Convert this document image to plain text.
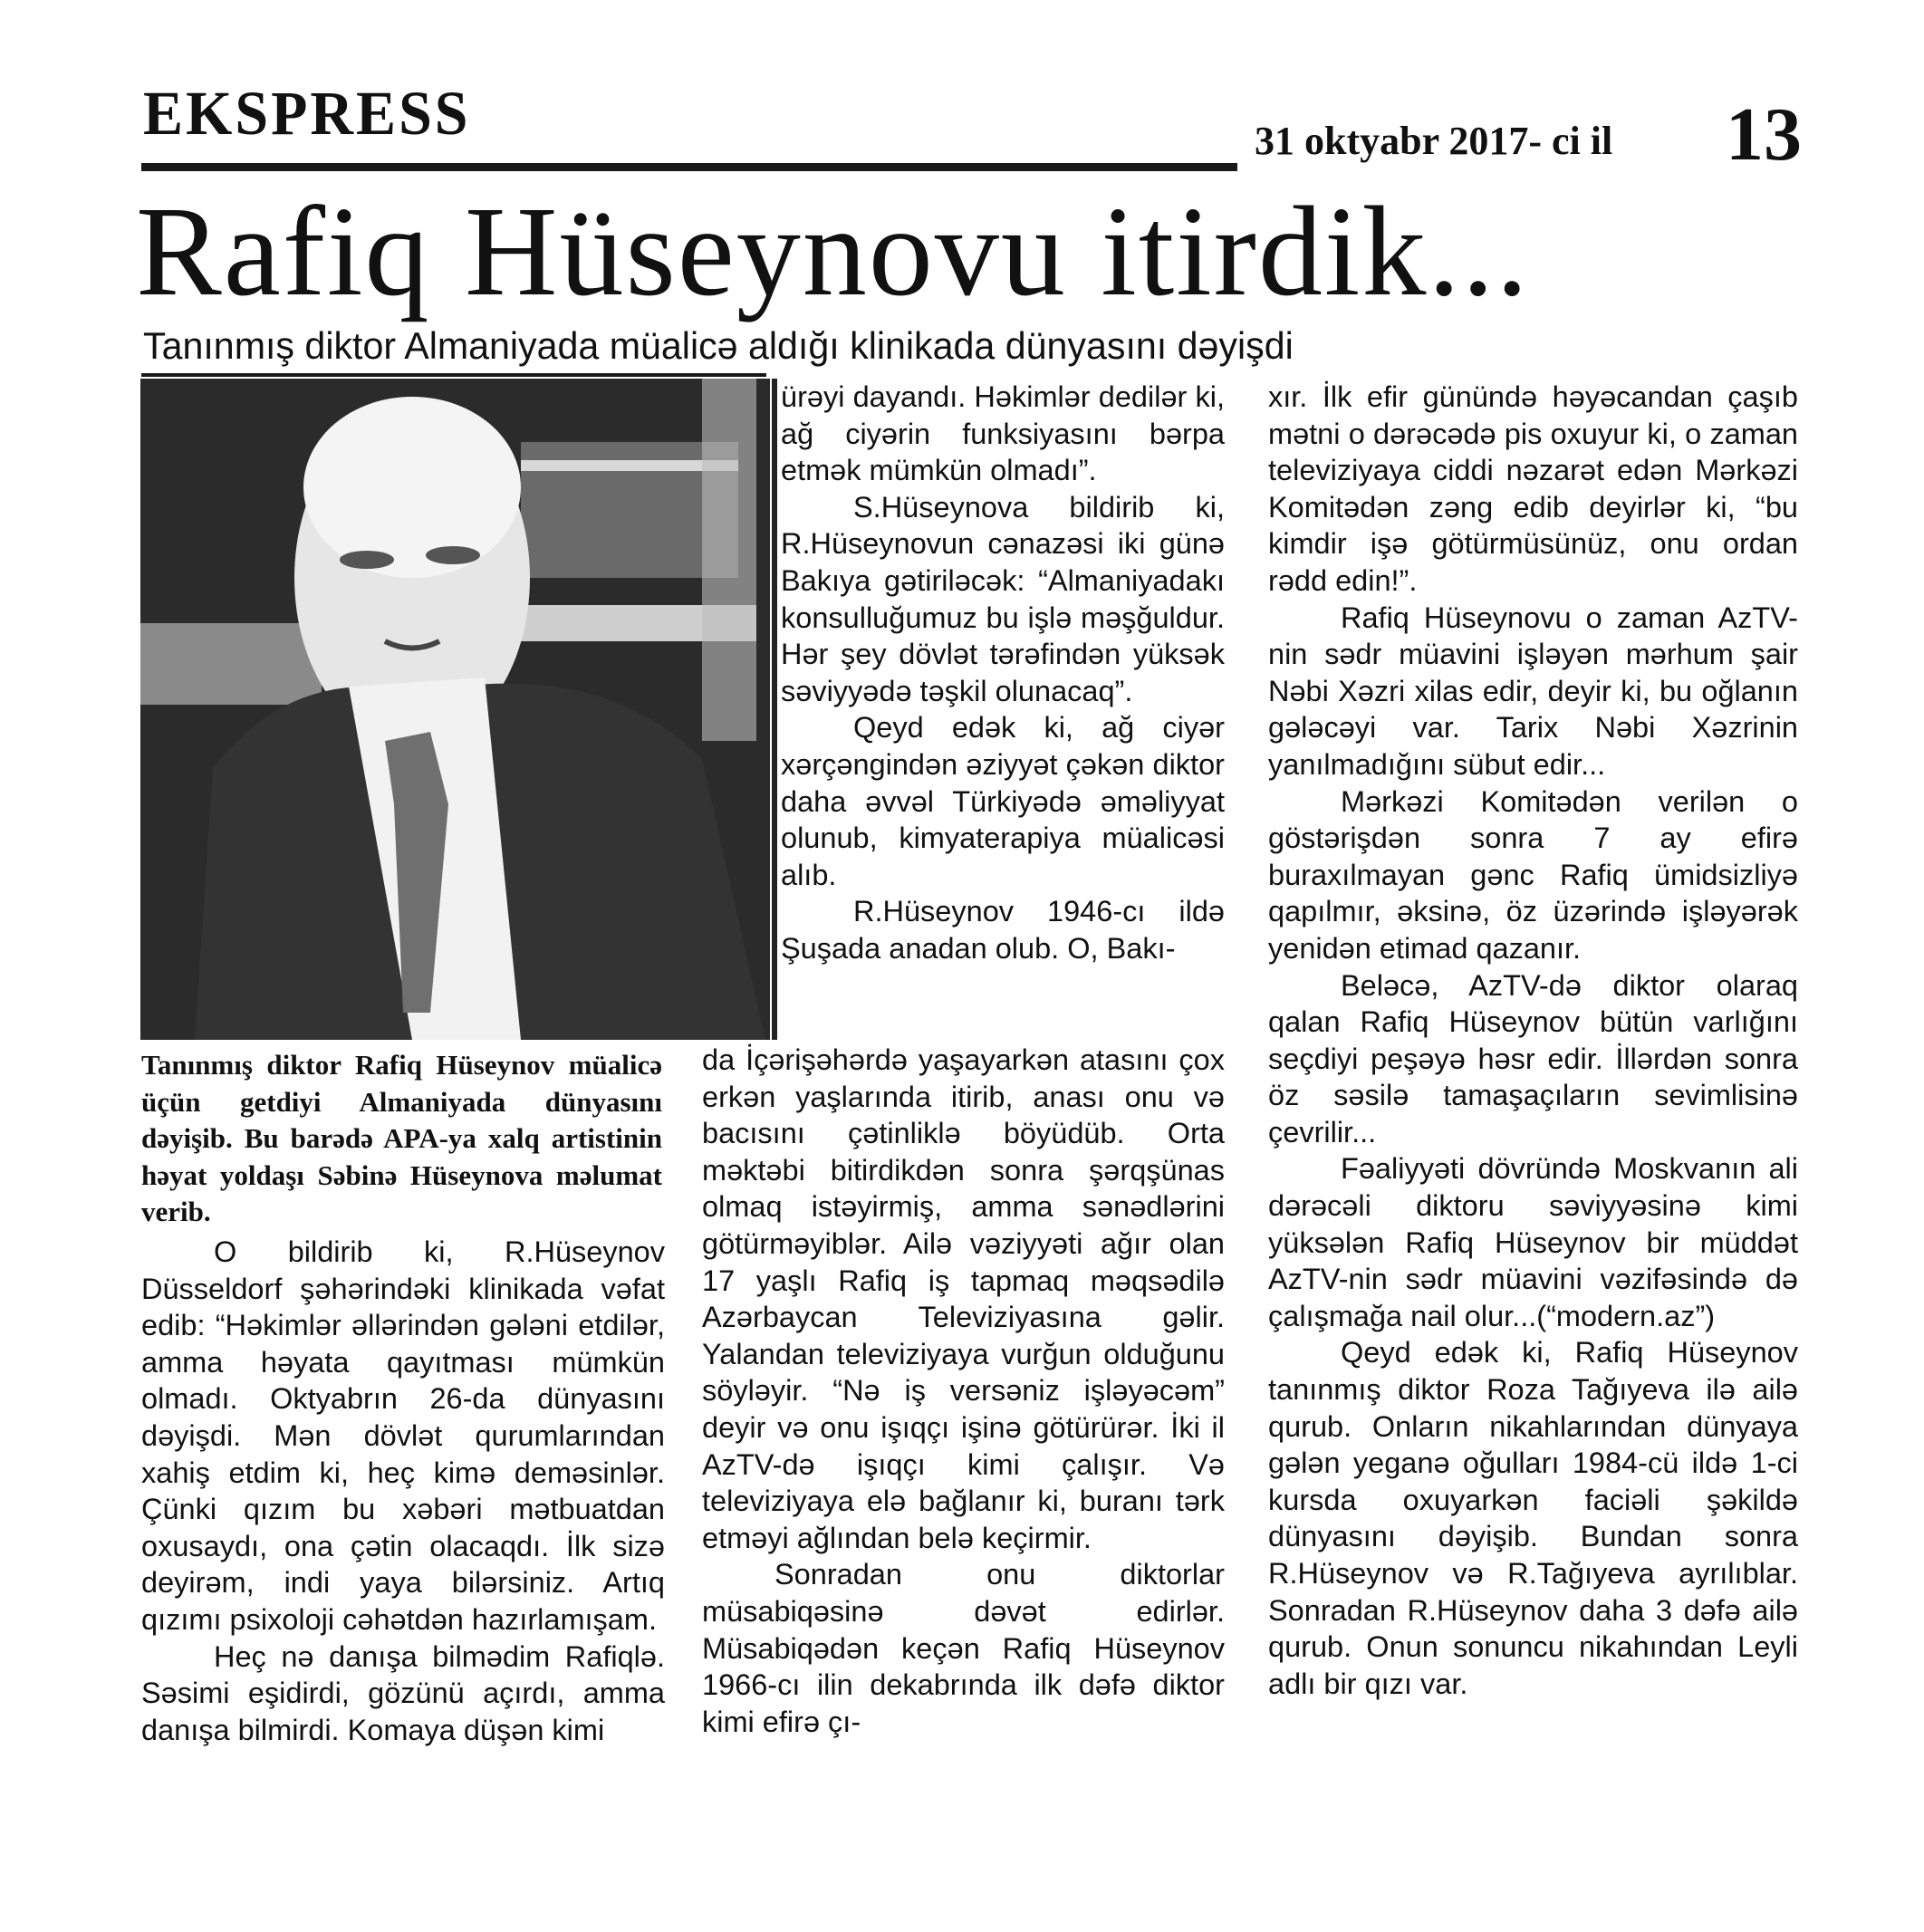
EKSPRESS	31 oktyabr 2017- ci il 13
Rafiq Hüseynovu itirdik...
Tanınmış diktor Almaniyada müalicə aldığı klinikada dünyasını dəyişdi
Tanınmış diktor Rafiq Hüseynov müalicə üçün getdiyi Almaniyada dünyasını dəyişib. Bu barədə APA-ya xalq artistinin həyat yoldaşı Səbinə Hüseynova məlumat verib.

O bildirib ki, R.Hüseynov Düsseldorf şəhərindəki klinikada vəfat edib: “Həkimlər əllərindən gələni etdilər, amma həyata qayıtması mümkün olmadı. Oktyabrın 26-da dünyasını dəyişdi. Mən dövlət qurumlarından xahiş etdim ki, heç kimə deməsinlər. Çünki qızım bu xəbəri mətbuatdan oxusaydı, ona çətin olacaqdı. İlk sizə deyirəm, indi yaya bilərsiniz. Artıq qızımı psixoloji cəhətdən hazırlamışam.

Heç nə danışa bilmədim Rafiqlə. Səsimi eşidirdi, gözünü açırdı, amma danışa bilmirdi. Komaya düşən kimi

ürəyi dayandı. Həkimlər dedilər ki, ağ ciyərin funksiyasını bərpa etmək mümkün olmadı”.

S.Hüseynova bildirib ki, R.Hüseynovun cənazəsi iki günə Bakıya gətiriləcək: “Almaniyadakı konsulluğumuz bu işlə məşğuldur. Hər şey dövlət tərəfindən yüksək səviyyədə təşkil olunacaq”.

Qeyd edək ki, ağ ciyər xərçəngindən əziyyət çəkən diktor daha əvvəl Türkiyədə əməliyyat olunub, kimyaterapiya müalicəsi alıb.

R.Hüseynov 1946-cı ildə Şuşada anadan olub. O, Bakı-

da İçərişəhərdə yaşayarkən atasını çox erkən yaşlarında itirib, anası onu və bacısını çətinliklə böyüdüb. Orta məktəbi bitirdikdən sonra şərqşünas olmaq istəyirmiş, amma sənədlərini götürməyiblər. Ailə vəziyyəti ağır olan 17 yaşlı Rafiq iş tapmaq məqsədilə Azərbaycan Televiziyasına gəlir. Yalandan televiziyaya vurğun olduğunu söyləyir. “Nə iş versəniz işləyəcəm” deyir və onu işıqçı işinə götürürər. İki il AzTV-də işıqçı kimi çalışır. Və televiziyaya elə bağlanır ki, buranı tərk etməyi ağlından belə keçirmir.

Sonradan onu diktorlar müsabiqəsinə dəvət edirlər. Müsabiqədən keçən Rafiq Hüseynov 1966-cı ilin dekabrında ilk dəfə diktor kimi efirə çı-

xır. İlk efir günündə həyəcandan çaşıb mətni o dərəcədə pis oxuyur ki, o zaman televiziyaya ciddi nəzarət edən Mərkəzi Komitədən zəng edib deyirlər ki, “bu kimdir işə götürmüsünüz, onu ordan rədd edin!”.

Rafiq Hüseynovu o zaman AzTV-nin sədr müavini işləyən mərhum şair Nəbi Xəzri xilas edir, deyir ki, bu oğlanın gələcəyi var. Tarix Nəbi Xəzrinin yanılmadığını sübut edir...

Mərkəzi Komitədən verilən o göstərişdən sonra 7 ay efirə buraxılmayan gənc Rafiq ümidsizliyə qapılmır, əksinə, öz üzərində işləyərək yenidən etimad qazanır.

Beləcə, AzTV-də diktor olaraq qalan Rafiq Hüseynov bütün varlığını seçdiyi peşəyə həsr edir. İllərdən sonra öz səsilə tamaşaçıların sevimlisinə çevrilir...

Fəaliyyəti dövründə Moskvanın ali dərəcəli diktoru səviyyəsinə kimi yüksələn Rafiq Hüseynov bir müddət AzTV-nin sədr müavini vəzifəsində də çalışmağa nail olur...(“modern.az”)

Qeyd edək ki, Rafiq Hüseynov tanınmış diktor Roza Tağıyeva ilə ailə qurub. Onların nikahlarından dünyaya gələn yeganə oğulları 1984-cü ildə 1-ci kursda oxuyarkən faciəli şəkildə dünyasını dəyişib. Bundan sonra R.Hüseynov və R.Tağıyeva ayrılıblar. Sonradan R.Hüseynov daha 3 dəfə ailə qurub. Onun sonuncu nikahından Leyli adlı bir qızı var.
